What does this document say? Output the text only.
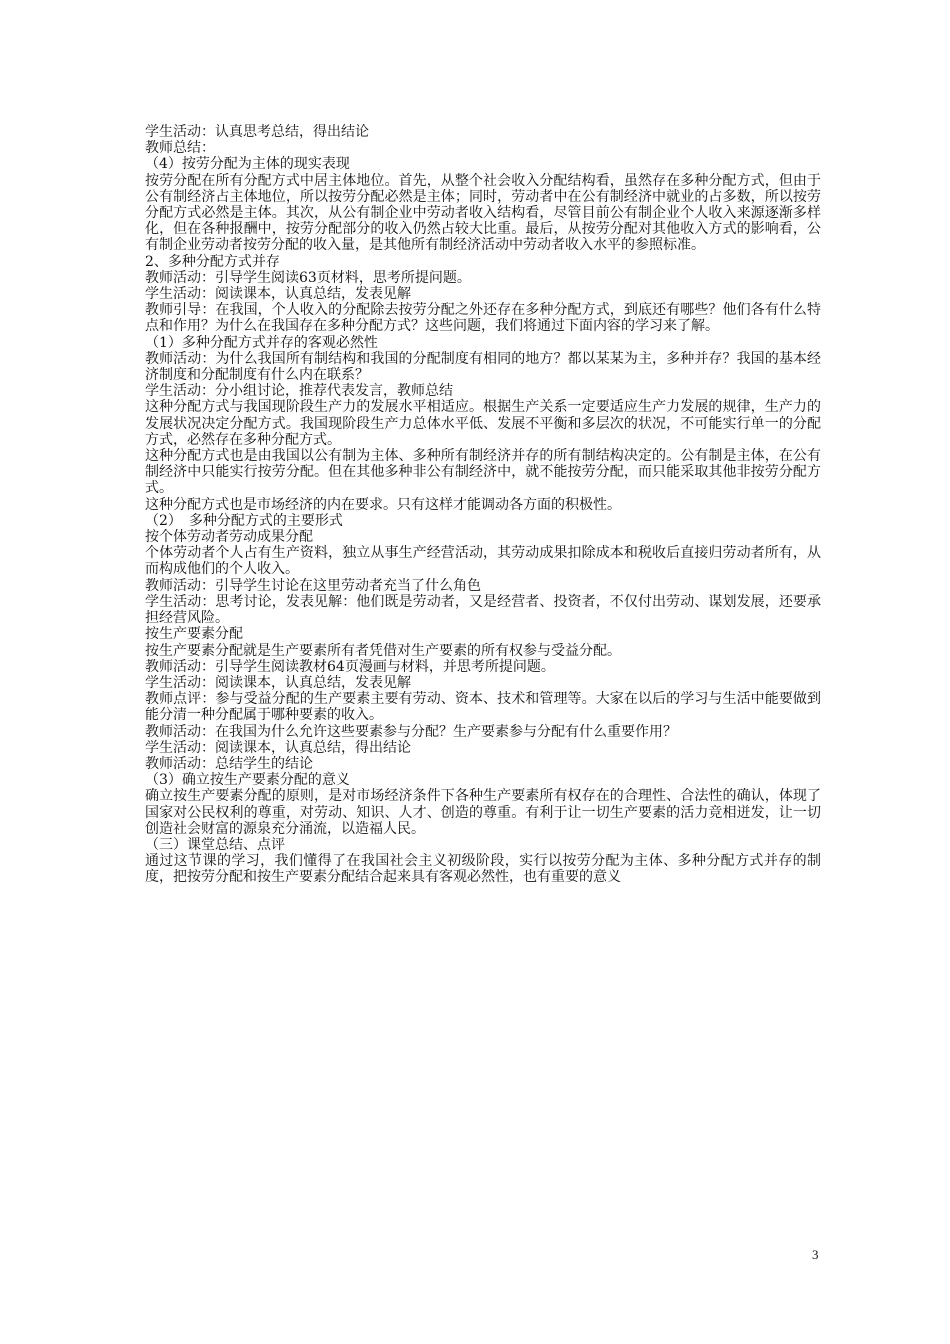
学生活动：认真思考总结，得出结论

教师总结：

（4）按劳分配为主体的现实表现

按劳分配在所有分配方式中居主体地位。首先，从整个社会收入分配结构看，虽然存在多种分配方式，但由于公有制经济占主体地位，所以按劳分配必然是主体；同时，劳动者中在公有制经济中就业的占多数，所以按劳分配方式必然是主体。其次，从公有制企业中劳动者收入结构看，尽管目前公有制企业个人收入来源逐渐多样化，但在各种报酬中，按劳分配部分的收入仍然占较大比重。最后，从按劳分配对其他收入方式的影响看，公有制企业劳动者按劳分配的收入量，是其他所有制经济活动中劳动者收入水平的参照标准。

2、多种分配方式并存

教师活动：引导学生阅读63页材料，思考所提问题。

学生活动：阅读课本，认真总结，发表见解

教师引导：在我国，个人收入的分配除去按劳分配之外还存在多种分配方式，到底还有哪些？他们各有什么特点和作用？为什么在我国存在多种分配方式？这些问题，我们将通过下面内容的学习来了解。

（1）多种分配方式并存的客观必然性

教师活动：为什么我国所有制结构和我国的分配制度有相同的地方？都以某某为主，多种并存？我国的基本经济制度和分配制度有什么内在联系？

学生活动：分小组讨论，推荐代表发言，教师总结

这种分配方式与我国现阶段生产力的发展水平相适应。根据生产关系一定要适应生产力发展的规律，生产力的发展状况决定分配方式。我国现阶段生产力总体水平低、发展不平衡和多层次的状况，不可能实行单一的分配方式，必然存在多种分配方式。

这种分配方式也是由我国以公有制为主体、多种所有制经济并存的所有制结构决定的。公有制是主体，在公有制经济中只能实行按劳分配。但在其他多种非公有制经济中，就不能按劳分配，而只能采取其他非按劳分配方式。

这种分配方式也是市场经济的内在要求。只有这样才能调动各方面的积极性。

（2）　多种分配方式的主要形式

按个体劳动者劳动成果分配

个体劳动者个人占有生产资料，独立从事生产经营活动，其劳动成果扣除成本和税收后直接归劳动者所有，从而构成他们的个人收入。

教师活动：引导学生讨论在这里劳动者充当了什么角色

学生活动：思考讨论，发表见解：他们既是劳动者，又是经营者、投资者，不仅付出劳动、谋划发展，还要承担经营风险。

按生产要素分配

按生产要素分配就是生产要素所有者凭借对生产要素的所有权参与受益分配。

教师活动：引导学生阅读教材64页漫画与材料，并思考所提问题。

学生活动：阅读课本，认真总结，发表见解

教师点评：参与受益分配的生产要素主要有劳动、资本、技术和管理等。大家在以后的学习与生活中能要做到能分清一种分配属于哪种要素的收入。

教师活动：在我国为什么允许这些要素参与分配？生产要素参与分配有什么重要作用？

学生活动：阅读课本，认真总结，得出结论

教师活动：总结学生的结论

（3）确立按生产要素分配的意义

确立按生产要素分配的原则，是对市场经济条件下各种生产要素所有权存在的合理性、合法性的确认，体现了国家对公民权利的尊重，对劳动、知识、人才、创造的尊重。有利于让一切生产要素的活力竞相迸发，让一切创造社会财富的源泉充分涌流，以造福人民。

（三）课堂总结、点评

通过这节课的学习，我们懂得了在我国社会主义初级阶段，实行以按劳分配为主体、多种分配方式并存的制度，把按劳分配和按生产要素分配结合起来具有客观必然性，也有重要的意义

3
